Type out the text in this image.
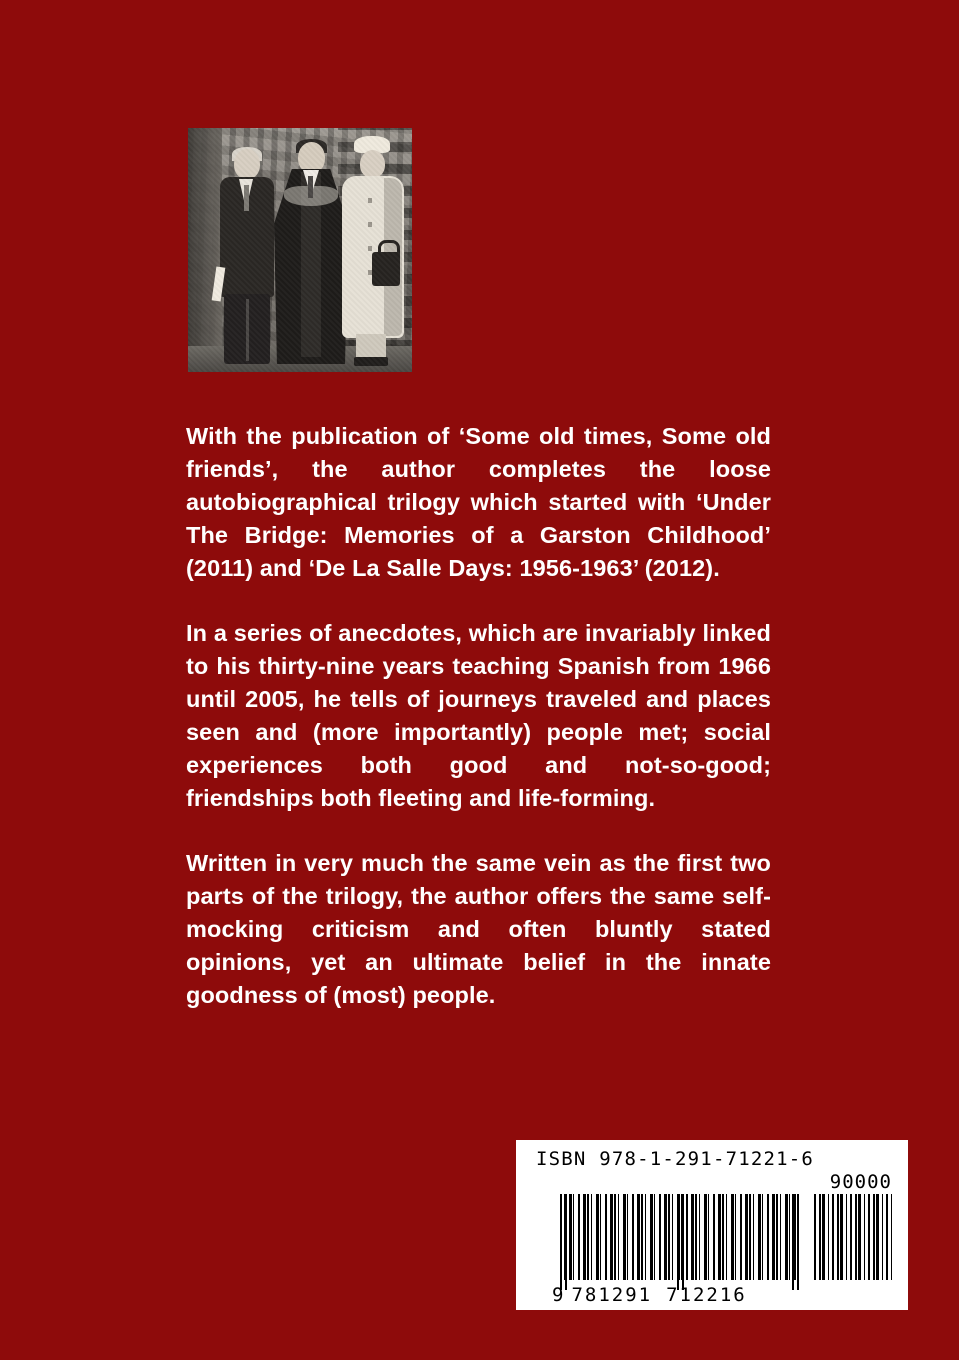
With the publication of ‘Some old times, Some old friends’, the author completes the loose autobiographical trilogy which started with ‘Under The Bridge: Memories of a Garston Childhood’ (2011) and ‘De La Salle Days: 1956-1963’ (2012).

In a series of anecdotes, which are invariably linked to his thirty-nine years teaching Spanish from 1966 until 2005, he tells of journeys traveled and places seen and (more importantly) people met; social experiences both good and not-so-good; friendships both fleeting and life-forming.

Written in very much the same vein as the first two parts of the trilogy, the author offers the same self-mocking criticism and often bluntly stated opinions, yet an ultimate belief in the innate goodness of (most) people.

ISBN 978-1-291-71221-6
90000
9 781291 712216
